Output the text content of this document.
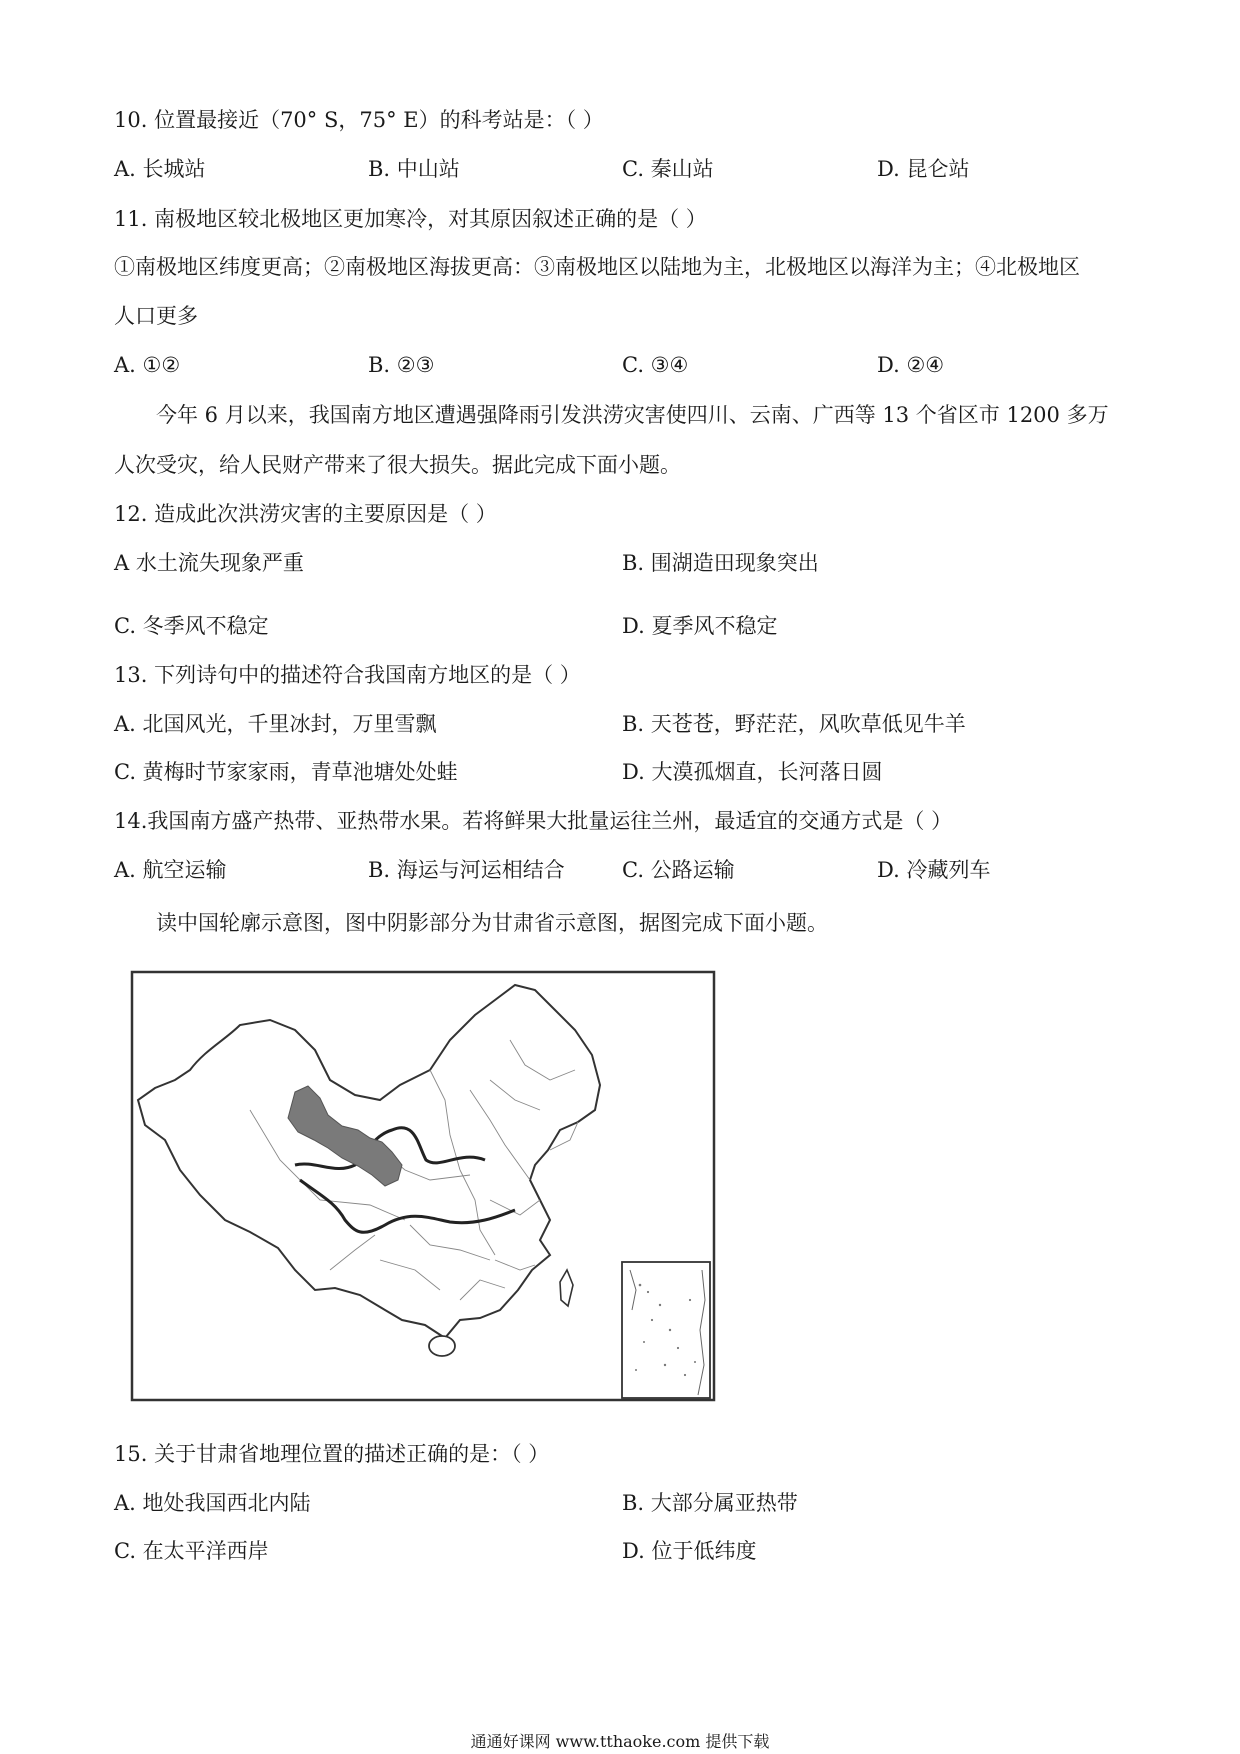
10. 位置最接近（70° S，75° E）的科考站是：（ ）
A. 长城站	B. 中山站	C. 秦山站	D. 昆仑站
11. 南极地区较北极地区更加寒冷，对其原因叙述正确的是（ ）
①南极地区纬度更高；②南极地区海拔更高：③南极地区以陆地为主，北极地区以海洋为主；④北极地区
人口更多
A. ①②	B. ②③	C. ③④	D. ②④
今年 6 月以来，我国南方地区遭遇强降雨引发洪涝灾害使四川、云南、广西等 13 个省区市 1200 多万
人次受灾，给人民财产带来了很大损失。据此完成下面小题。
12. 造成此次洪涝灾害的主要原因是（ ）
A 水土流失现象严重	B. 围湖造田现象突出
C. 冬季风不稳定	D. 夏季风不稳定
13. 下列诗句中的描述符合我国南方地区的是（ ）
A. 北国风光，千里冰封，万里雪飘	B. 天苍苍，野茫茫，风吹草低见牛羊
C. 黄梅时节家家雨，青草池塘处处蛙	D. 大漠孤烟直，长河落日圆
14.我国南方盛产热带、亚热带水果。若将鲜果大批量运往兰州，最适宜的交通方式是（ ）
A. 航空运输	B. 海运与河运相结合	C. 公路运输	D. 冷藏列车
读中国轮廓示意图，图中阴影部分为甘肃省示意图，据图完成下面小题。
15. 关于甘肃省地理位置的描述正确的是：（ ）
A. 地处我国西北内陆	B. 大部分属亚热带
C. 在太平洋西岸	D. 位于低纬度
通通好课网 www.tthaoke.com 提供下载
